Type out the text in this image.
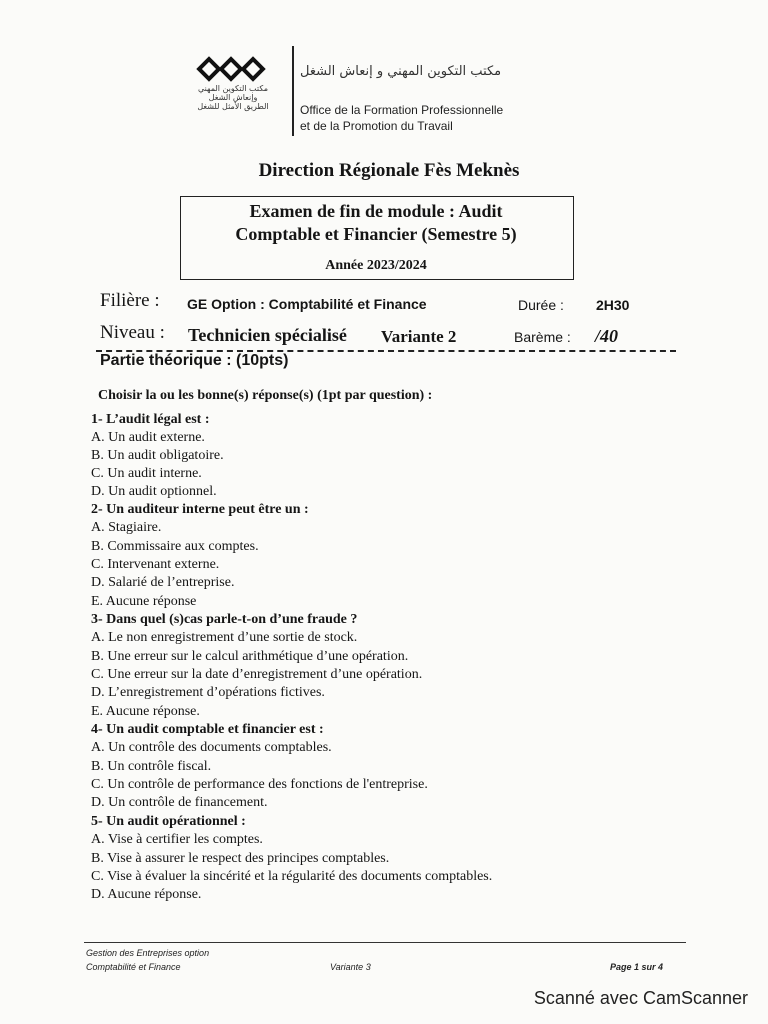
مكتب التكوين المهني
وإنعاش الشغل
الطريق الأمثل للشغل
مكتب التكوين المهني و إنعاش الشغل
Office de la Formation Professionnelle
et de la Promotion du Travail
Direction Régionale Fès Meknès
Examen de fin de module : Audit
Comptable et Financier (Semestre 5)
Année 2023/2024
Filière : GE Option : Comptabilité et Finance	Durée : 2H30
Niveau : Technicien spécialisé Variante 2	Barème : /40
Partie théorique : (10pts)
Choisir la ou les bonne(s) réponse(s) (1pt par question) :
1- L’audit légal est :
A. Un audit externe.
B. Un audit obligatoire.
C. Un audit interne.
D. Un audit optionnel.
2- Un auditeur interne peut être un :
A. Stagiaire.
B. Commissaire aux comptes.
C. Intervenant externe.
D. Salarié de l’entreprise.
E. Aucune réponse
3- Dans quel (s)cas parle-t-on d’une fraude ?
A. Le non enregistrement d’une sortie de stock.
B. Une erreur sur le calcul arithmétique d’une opération.
C. Une erreur sur la date d’enregistrement d’une opération.
D. L’enregistrement d’opérations fictives.
E. Aucune réponse.
4- Un audit comptable et financier est :
A. Un contrôle des documents comptables.
B. Un contrôle fiscal.
C. Un contrôle de performance des fonctions de l'entreprise.
D. Un contrôle de financement.
5- Un audit opérationnel :
A. Vise à certifier les comptes.
B. Vise à assurer le respect des principes comptables.
C. Vise à évaluer la sincérité et la régularité des documents comptables.
D. Aucune réponse.
Gestion des Entreprises option
Comptabilité et Finance	Variante 3	Page 1 sur 4
Scanné avec CamScanner
